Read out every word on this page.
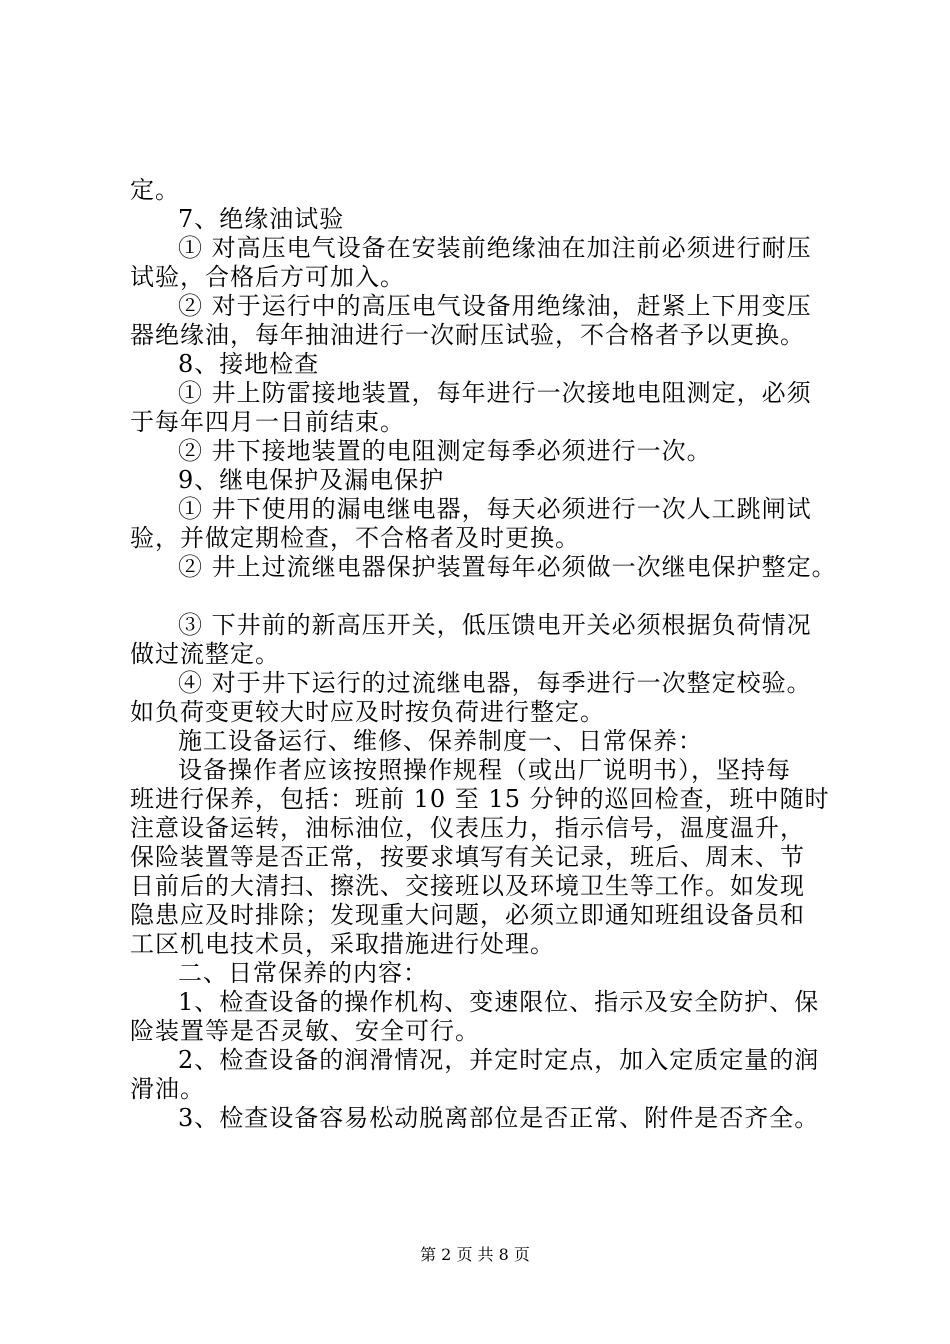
定。
7、绝缘油试验
① 对高压电气设备在安装前绝缘油在加注前必须进行耐压
试验，合格后方可加入。
② 对于运行中的高压电气设备用绝缘油，赶紧上下用变压
器绝缘油，每年抽油进行一次耐压试验，不合格者予以更换。
8、接地检查
① 井上防雷接地装置，每年进行一次接地电阻测定，必须
于每年四月一日前结束。
② 井下接地装置的电阻测定每季必须进行一次。
9、继电保护及漏电保护
① 井下使用的漏电继电器，每天必须进行一次人工跳闸试
验，并做定期检查，不合格者及时更换。
② 井上过流继电器保护装置每年必须做一次继电保护整定。
③ 下井前的新高压开关，低压馈电开关必须根据负荷情况
做过流整定。
④ 对于井下运行的过流继电器，每季进行一次整定校验。
如负荷变更较大时应及时按负荷进行整定。
施工设备运行、维修、保养制度一、日常保养：
设备操作者应该按照操作规程（或出厂说明书），坚持每
班进行保养，包括：班前 10 至 15 分钟的巡回检查，班中随时
注意设备运转，油标油位，仪表压力，指示信号，温度温升，
保险装置等是否正常，按要求填写有关记录，班后、周末、节
日前后的大清扫、擦洗、交接班以及环境卫生等工作。如发现
隐患应及时排除；发现重大问题，必须立即通知班组设备员和
工区机电技术员，采取措施进行处理。
二、日常保养的内容：
1、检查设备的操作机构、变速限位、指示及安全防护、保
险装置等是否灵敏、安全可行。
2、检查设备的润滑情况，并定时定点，加入定质定量的润
滑油。
3、检查设备容易松动脱离部位是否正常、附件是否齐全。
第 2 页 共 8 页
